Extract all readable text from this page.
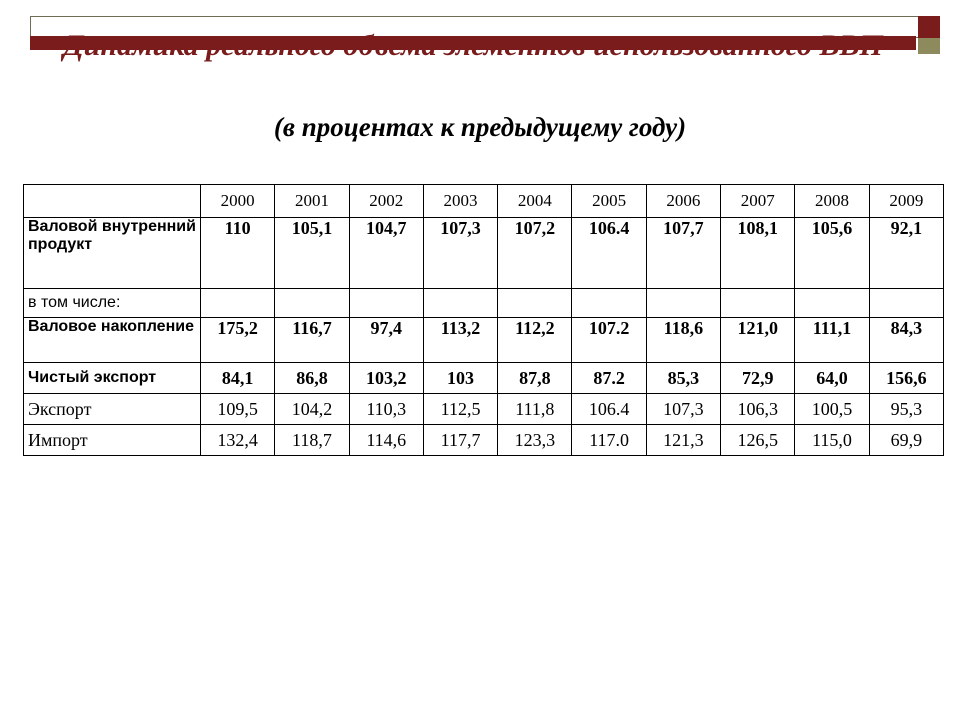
Динамика реального объема элементов использованного ВВП
(в процентах к предыдущему году)
	2000	2001	2002	2003	2004	2005	2006	2007	2008	2009
Валовой внутренний продукт	110	105,1	104,7	107,3	107,2	106.4	107,7	108,1	105,6	92,1
в том числе:										
Валовое накопление	175,2	116,7	97,4	113,2	112,2	107.2	118,6	121,0	111,1	84,3
Чистый экспорт	84,1	86,8	103,2	103	87,8	87.2	85,3	72,9	64,0	156,6
Экспорт	109,5	104,2	110,3	112,5	111,8	106.4	107,3	106,3	100,5	95,3
Импорт	132,4	118,7	114,6	117,7	123,3	117.0	121,3	126,5	115,0	69,9
